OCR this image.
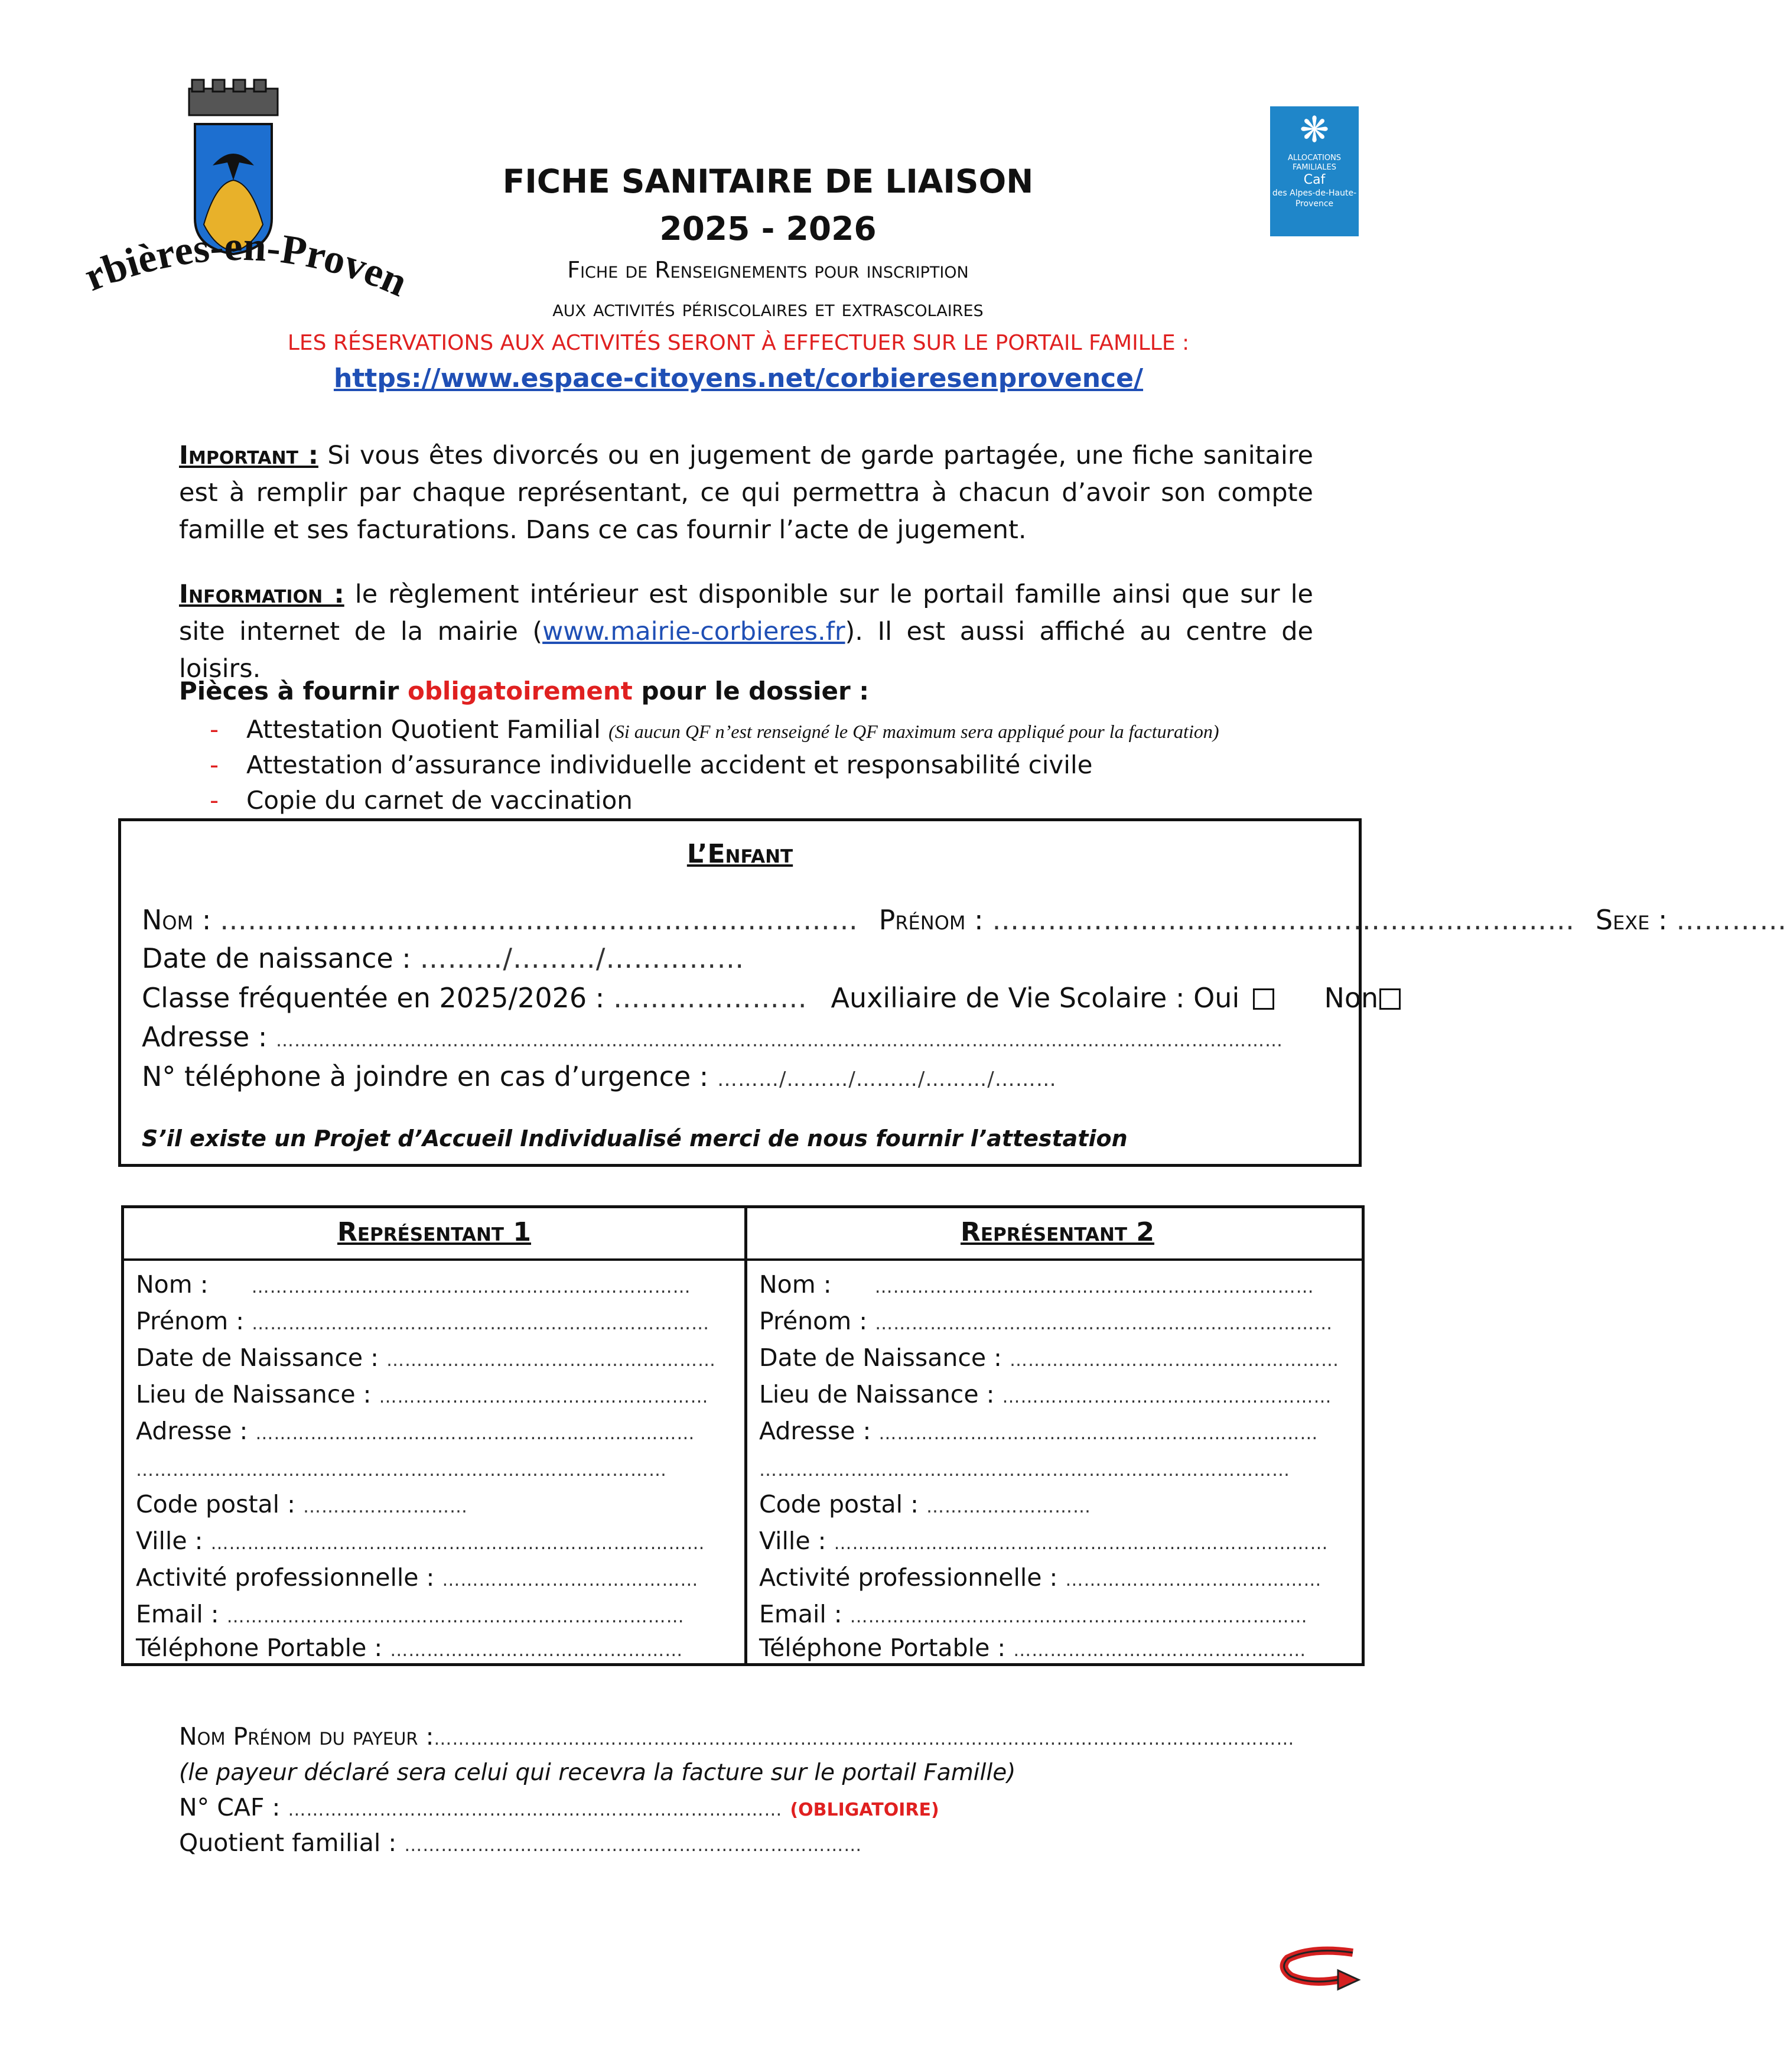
rbières-en-Prove
❋
ALLOCATIONS FAMILIALES
Caf
des Alpes-de-Haute-Provence
FICHE SANITAIRE DE LIAISON
2025 - 2026
Fiche de Renseignements pour inscription
aux activités périscolaires et extrascolaires
LES RÉSERVATIONS AUX ACTIVITÉS SERONT À EFFECTUER SUR LE PORTAIL FAMILLE :
https://www.espace-citoyens.net/corbieresenprovence/
Important : Si vous êtes divorcés ou en jugement de garde partagée, une fiche sanitaire est à remplir par chaque représentant, ce qui permettra à chacun d’avoir son compte famille et ses facturations. Dans ce cas fournir l’acte de jugement.
Information : le règlement intérieur est disponible sur le portail famille ainsi que sur le site internet de la mairie (www.mairie-corbieres.fr). Il est aussi affiché au centre de loisirs.
Pièces à fournir obligatoirement pour le dossier :
- Attestation Quotient Familial (Si aucun QF n’est renseigné le QF maximum sera appliqué pour la facturation)
- Attestation d’assurance individuelle accident et responsabilité civile
- Copie du carnet de vaccination
L’Enfant
Nom : …………………………………………………………… Prénom : ……………………………………………………… Sexe : …………
Date de naissance : ………/………/……………
Classe fréquentée en 2025/2026 : ………………… Auxiliaire de Vie Scolaire : Oui	Non
Adresse : …………………………………………………………………………………………………………………………………………………
N° téléphone à joindre en cas d’urgence : ………/………/………/………/………
S’il existe un Projet d’Accueil Individualisé merci de nous fournir l’attestation
Représentant 1	Représentant 2
Nom : ………………………………………………………………
Prénom : …………………………………………………………………
Date de Naissance : ………………………………………………
Lieu de Naissance : ………………………………………………
Adresse : ………………………………………………………………
……………………………………………………………………………
Code postal : ………………………
Ville : ………………………………………………………………………
Activité professionnelle : ……………………………………
Email : …………………………………………………………………
Téléphone Portable : …………………………………………
Nom : ………………………………………………………………
Prénom : …………………………………………………………………
Date de Naissance : ………………………………………………
Lieu de Naissance : ………………………………………………
Adresse : ………………………………………………………………
……………………………………………………………………………
Code postal : ………………………
Ville : ………………………………………………………………………
Activité professionnelle : ……………………………………
Email : …………………………………………………………………
Téléphone Portable : …………………………………………
Nom Prénom du payeur :……………………………………………………………………………………………………………………………
(le payeur déclaré sera celui qui recevra la facture sur le portail Famille)
N° CAF : ……………………………………………………………………… (OBLIGATOIRE)
Quotient familial : …………………………………………………………………
